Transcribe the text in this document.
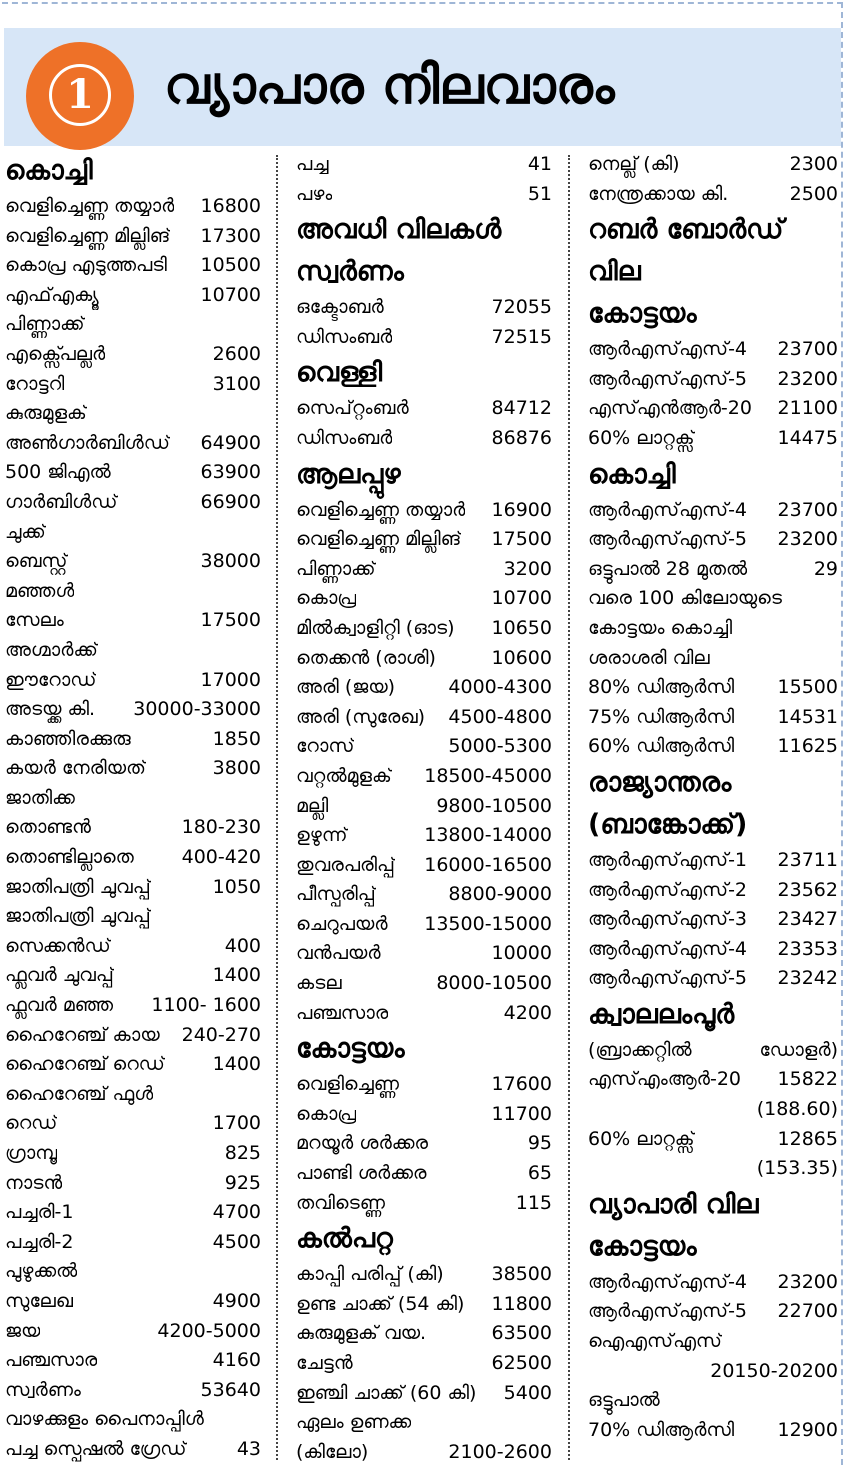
1	വ്യാപാര നിലവാരം
കൊച്ചി
വെളിച്ചെണ്ണ തയ്യാർ 16800
വെളിച്ചെണ്ണ മില്ലിങ് 17300
കൊപ്ര എടുത്തപടി 10500
എഫ്എക്യൂ	10700
പിണ്ണാക്ക്
എക്സ്പെല്ലർ	2600
റോട്ടറി	3100
കുരുമുളക്
അൺഗാർബിൾഡ് 64900
500 ജിഎൽ	63900
ഗാർബിൾഡ്	66900
ചുക്ക്
ബെസ്റ്റ്	38000
മഞ്ഞൾ
സേലം	17500
അഗ്മാർക്ക്
ഈറോഡ്	17000
അടയ്ക്ക കി. 30000-33000
കാഞ്ഞിരക്കുരു	1850
കയർ നേരിയത്	3800
ജാതിക്ക
തൊണ്ടൻ	180-230
തൊണ്ടില്ലാതെ	400-420
ജാതിപത്രി ചുവപ്പ്	1050
ജാതിപത്രി ചുവപ്പ്
സെക്കൻഡ്	400
ഫ്ലവർ ചുവപ്പ്	1400
ഫ്ലവർ മഞ്ഞ 1100- 1600
ഹൈറേഞ്ച് കായ 240-270
ഹൈറേഞ്ച് റെഡ്	1400
ഹൈറേഞ്ച് ഫുൾ
റെഡ്	1700
ഗ്രാമ്പൂ	825
നാടൻ	925
പച്ചരി-1	4700
പച്ചരി-2	4500
പുഴുക്കൽ
സുലേഖ	4900
ജയ	4200-5000
പഞ്ചസാര	4160
സ്വർണം	53640
വാഴക്കുളം പൈനാപ്പിൾ
പച്ച സ്പെഷൽ ഗ്രേഡ്	43
പച്ച	41
പഴം	51
അവധി വിലകൾ
സ്വർണം
ഒക്ടോബർ	72055
ഡിസംബർ	72515
വെള്ളി
സെപ്റ്റംബർ	84712
ഡിസംബർ	86876
ആലപ്പുഴ
വെളിച്ചെണ്ണ തയ്യാർ 16900
വെളിച്ചെണ്ണ മില്ലിങ് 17500
പിണ്ണാക്ക്	3200
കൊപ്ര	10700
മിൽക്വാളിറ്റി (ഓട) 10650
തെക്കൻ (രാശി)	10600
അരി (ജയ)	4000-4300
അരി (സുരേഖ) 4500-4800
റോസ്	5000-5300
വറ്റൽമുളക് 18500-45000
മല്ലി	9800-10500
ഉഴുന്ന്	13800-14000
തുവരപരിപ്പ് 16000-16500
പീസ്പരിപ്പ്	8800-9000
ചെറുപയർ 13500-15000
വൻപയർ	10000
കടല	8000-10500
പഞ്ചസാര	4200
കോട്ടയം
വെളിച്ചെണ്ണ	17600
കൊപ്ര	11700
മറയൂർ ശർക്കര	95
പാണ്ടി ശർക്കര	65
തവിടെണ്ണ	115
കൽപറ്റ
കാപ്പി പരിപ്പ് (കി)	38500
ഉണ്ട ചാക്ക് (54 കി) 11800
കുരുമുളക് വയ.	63500
ചേട്ടൻ	62500
ഇഞ്ചി ചാക്ക് (60 കി) 5400
ഏലം ഉണക്ക
(കിലോ)	2100-2600
നെല്ല് (കി)	2300
നേന്ത്രക്കായ കി.	2500
റബർ ബോർഡ്
വില
കോട്ടയം
ആർഎസ്എസ്-4 23700
ആർഎസ്എസ്-5 23200
എസ്എൻആർ-20 21100
60% ലാറ്റക്സ്	14475
കൊച്ചി
ആർഎസ്എസ്-4 23700
ആർഎസ്എസ്-5 23200
ഒട്ടുപാൽ 28 മുതൽ	29
വരെ 100 കിലോയുടെ
കോട്ടയം കൊച്ചി
ശരാശരി വില
80% ഡിആർസി 15500
75% ഡിആർസി 14531
60% ഡിആർസി 11625
രാജ്യാന്തരം
(ബാങ്കോക്ക്)
ആർഎസ്എസ്-1 23711
ആർഎസ്എസ്-2 23562
ആർഎസ്എസ്-3 23427
ആർഎസ്എസ്-4 23353
ആർഎസ്എസ്-5 23242
ക്വാലലംപൂർ
(ബ്രാക്കറ്റിൽ	ഡോളർ)
എസ്എംആർ-20 15822
(188.60)
60% ലാറ്റക്സ്	12865
(153.35)
വ്യാപാരി വില
കോട്ടയം
ആർഎസ്എസ്-4 23200
ആർഎസ്എസ്-5 22700
ഐഎസ്എസ്
20150-20200
ഒട്ടുപാൽ
70% ഡിആർസി 12900
